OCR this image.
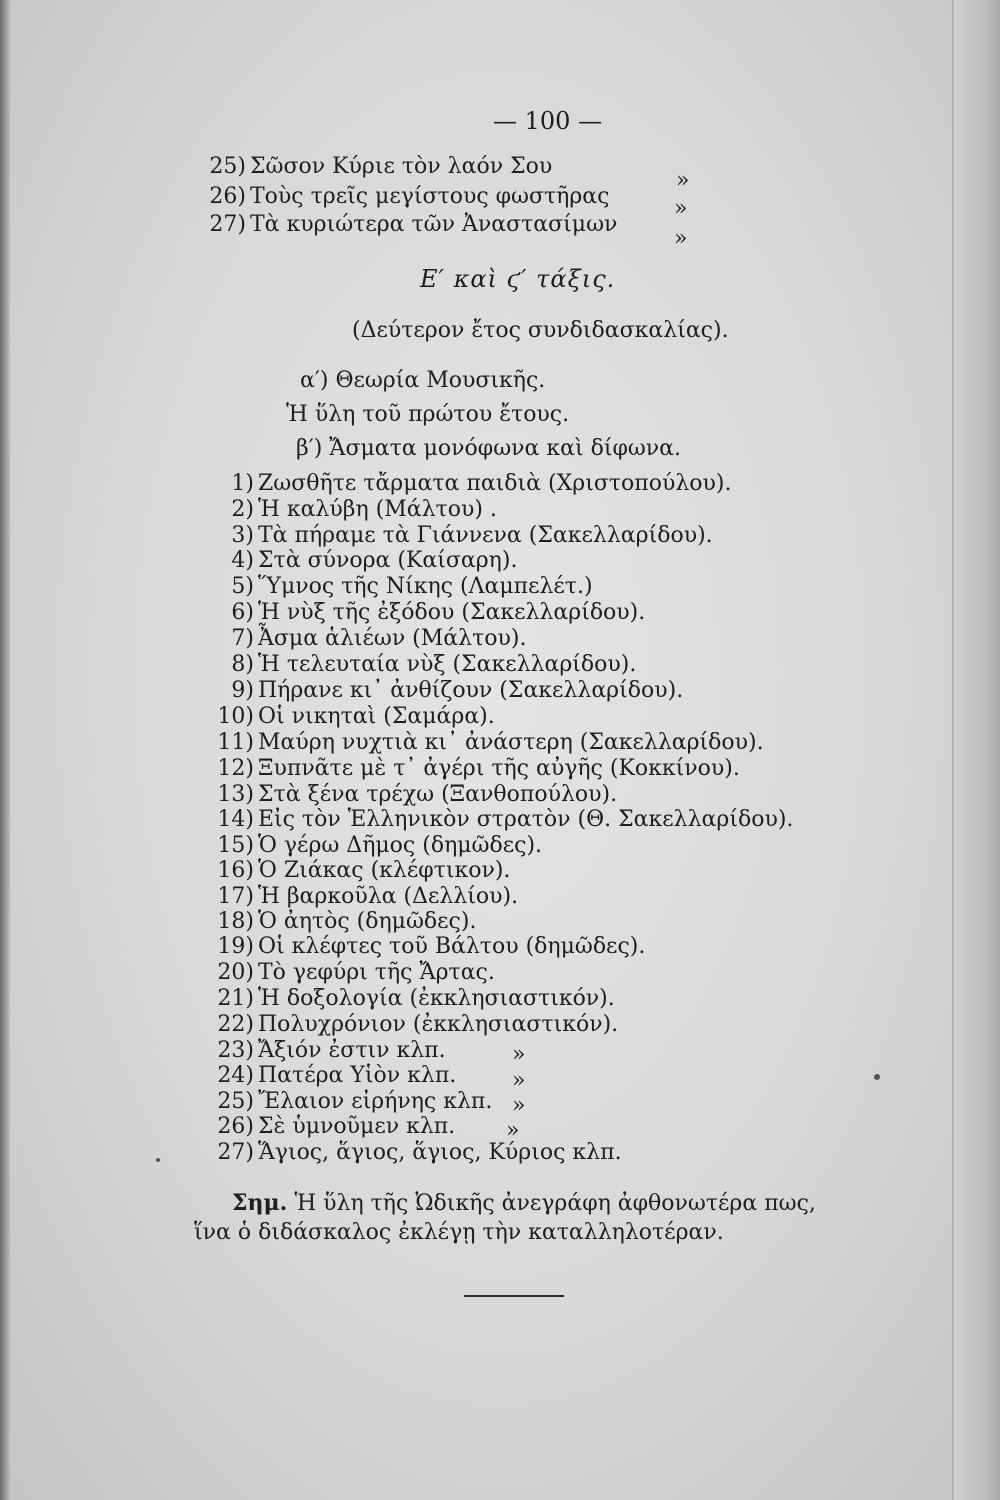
— 100 —
25) Σῶσον Κύριε τὸν λαόν Σου
»
26) Τοὺς τρεῖς μεγίστους φωστῆρας	»
27) Τὰ κυριώτερα τῶν Ἀναστασίμων
»
Ε′ καὶ ϛ′ τάξις.
(Δεύτερον ἔτος συνδιδασκαλίας).
α′) Θεωρία Μουσικῆς.
Ἡ ὕλη τοῦ πρώτου ἔτους.
β′) Ἄσματα μονόφωνα καὶ δίφωνα.
1) Ζωσθῆτε τἄρματα παιδιὰ (Χριστοπούλου).
2) Ἡ καλύβη (Μάλτου) .
3) Τὰ πήραμε τὰ Γιάννενα (Σακελλαρίδου).
4) Στὰ σύνορα (Καίσαρη).
5) Ὕμνος τῆς Νίκης (Λαμπελέτ.)
6) Ἡ νὺξ τῆς ἐξόδου (Σακελλαρίδου).
7) Ἆσμα ἁλιέων (Μάλτου).
8) Ἡ τελευταία νὺξ (Σακελλαρίδου).
9) Πήρανε κι᾽ ἀνθίζουν (Σακελλαρίδου).
10) Οἱ νικηταὶ (Σαμάρα).
11) Μαύρη νυχτιὰ κι᾽ ἀνάστερη (Σακελλαρίδου).
12) Ξυπνᾶτε μὲ τ᾽ ἀγέρι τῆς αὐγῆς (Κοκκίνου).
13) Στὰ ξένα τρέχω (Ξανθοπούλου).
14) Εἰς τὸν Ἑλληνικὸν στρατὸν (Θ. Σακελλαρίδου).
15) Ὁ γέρω Δῆμος (δημῶδες).
16) Ὁ Ζιάκας (κλέφτικον).
17) Ἡ βαρκοῦλα (Δελλίου).
18) Ὁ ἀητὸς (δημῶδες).
19) Οἱ κλέφτες τοῦ Βάλτου (δημῶδες).
20) Τὸ γεφύρι τῆς Ἄρτας.
21) Ἡ δοξολογία (ἐκκλησιαστικόν).
22) Πολυχρόνιον (ἐκκλησιαστικόν).
23) Ἄξιόν ἐστιν κλπ.	»
24) Πατέρα Υἱὸν κλπ.	»
25) Ἔλαιον εἰρήνης κλπ. »
26) Σὲ ὑμνοῦμεν κλπ. »
27) Ἅγιος, ἅγιος, ἅγιος, Κύριος κλπ.
Σημ. Ἡ ὕλη τῆς Ὠδικῆς ἀνεγράφη ἀφθονωτέρα πως,
ἵνα ὁ διδάσκαλος ἐκλέγῃ τὴν καταλληλοτέραν.
